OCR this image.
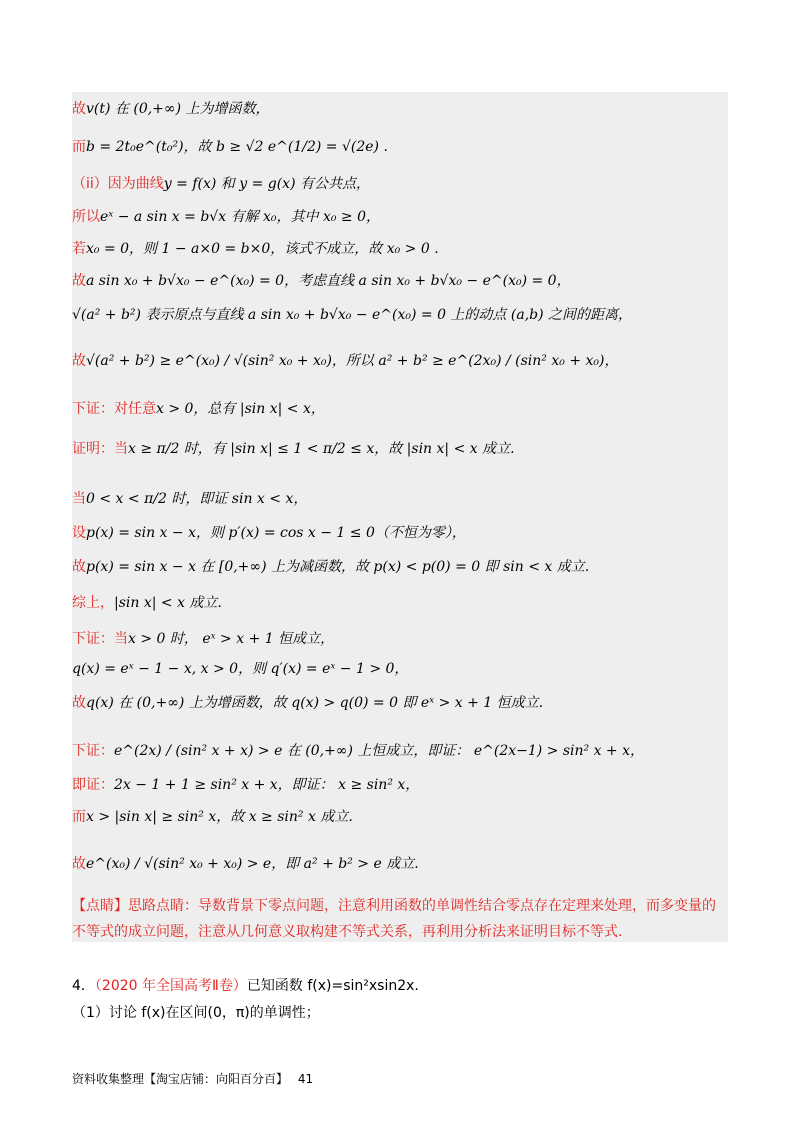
故v(t) 在 (0,+∞) 上为增函数，
而b = 2t₀e^(t₀²)，故 b ≥ √2 e^(1/2) = √(2e) .
（ii）因为曲线y = f(x) 和 y = g(x) 有公共点，
所以eˣ − a sin x = b√x 有解 x₀，其中 x₀ ≥ 0，
若x₀ = 0，则 1 − a×0 = b×0，该式不成立，故 x₀ > 0 .
故a sin x₀ + b√x₀ − e^(x₀) = 0，考虑直线 a sin x₀ + b√x₀ − e^(x₀) = 0，
√(a² + b²) 表示原点与直线 a sin x₀ + b√x₀ − e^(x₀) = 0 上的动点 (a,b) 之间的距离，
故√(a² + b²) ≥ e^(x₀) / √(sin² x₀ + x₀)，所以 a² + b² ≥ e^(2x₀) / (sin² x₀ + x₀)，
下证：对任意x > 0，总有 |sin x| < x，
证明：当x ≥ π/2 时，有 |sin x| ≤ 1 < π/2 ≤ x，故 |sin x| < x 成立.
当0 < x < π/2 时，即证 sin x < x，
设p(x) = sin x − x，则 p′(x) = cos x − 1 ≤ 0（不恒为零），
故p(x) = sin x − x 在 [0,+∞) 上为减函数，故 p(x) < p(0) = 0 即 sin < x 成立.
综上，|sin x| < x 成立.
下证：当x > 0 时， eˣ > x + 1 恒成立，
q(x) = eˣ − 1 − x, x > 0，则 q′(x) = eˣ − 1 > 0，
故q(x) 在 (0,+∞) 上为增函数，故 q(x) > q(0) = 0 即 eˣ > x + 1 恒成立.
下证：e^(2x) / (sin² x + x) > e 在 (0,+∞) 上恒成立，即证： e^(2x−1) > sin² x + x，
即证：2x − 1 + 1 ≥ sin² x + x，即证： x ≥ sin² x，
而x > |sin x| ≥ sin² x，故 x ≥ sin² x 成立.
故e^(x₀) / √(sin² x₀ + x₀) > e，即 a² + b² > e 成立.
【点睛】思路点睛：导数背景下零点问题，注意利用函数的单调性结合零点存在定理来处理，而多变量的不等式的成立问题，注意从几何意义取构建不等式关系，再利用分析法来证明目标不等式.
4．（2020 年全国高考Ⅱ卷）已知函数 f(x)=sin²xsin2x.
（1）讨论 f(x)在区间(0，π)的单调性；
资料收集整理【淘宝店铺：向阳百分百】　 41
